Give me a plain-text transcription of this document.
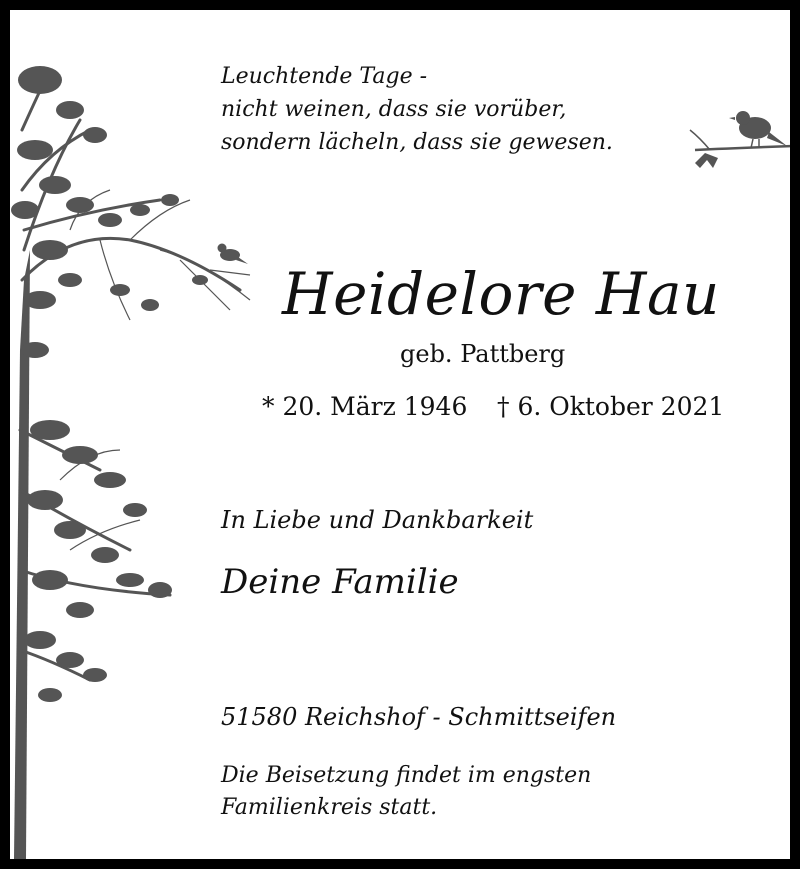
Leuchtende Tage -
nicht weinen, dass sie vorüber,
sondern lächeln, dass sie gewesen.
Heidelore Hau
geb. Pattberg
* 20. März 1946 † 6. Oktober 2021
In Liebe und Dankbarkeit
Deine Familie
51580 Reichshof - Schmittseifen
Die Beisetzung findet im engsten
Familienkreis statt.
